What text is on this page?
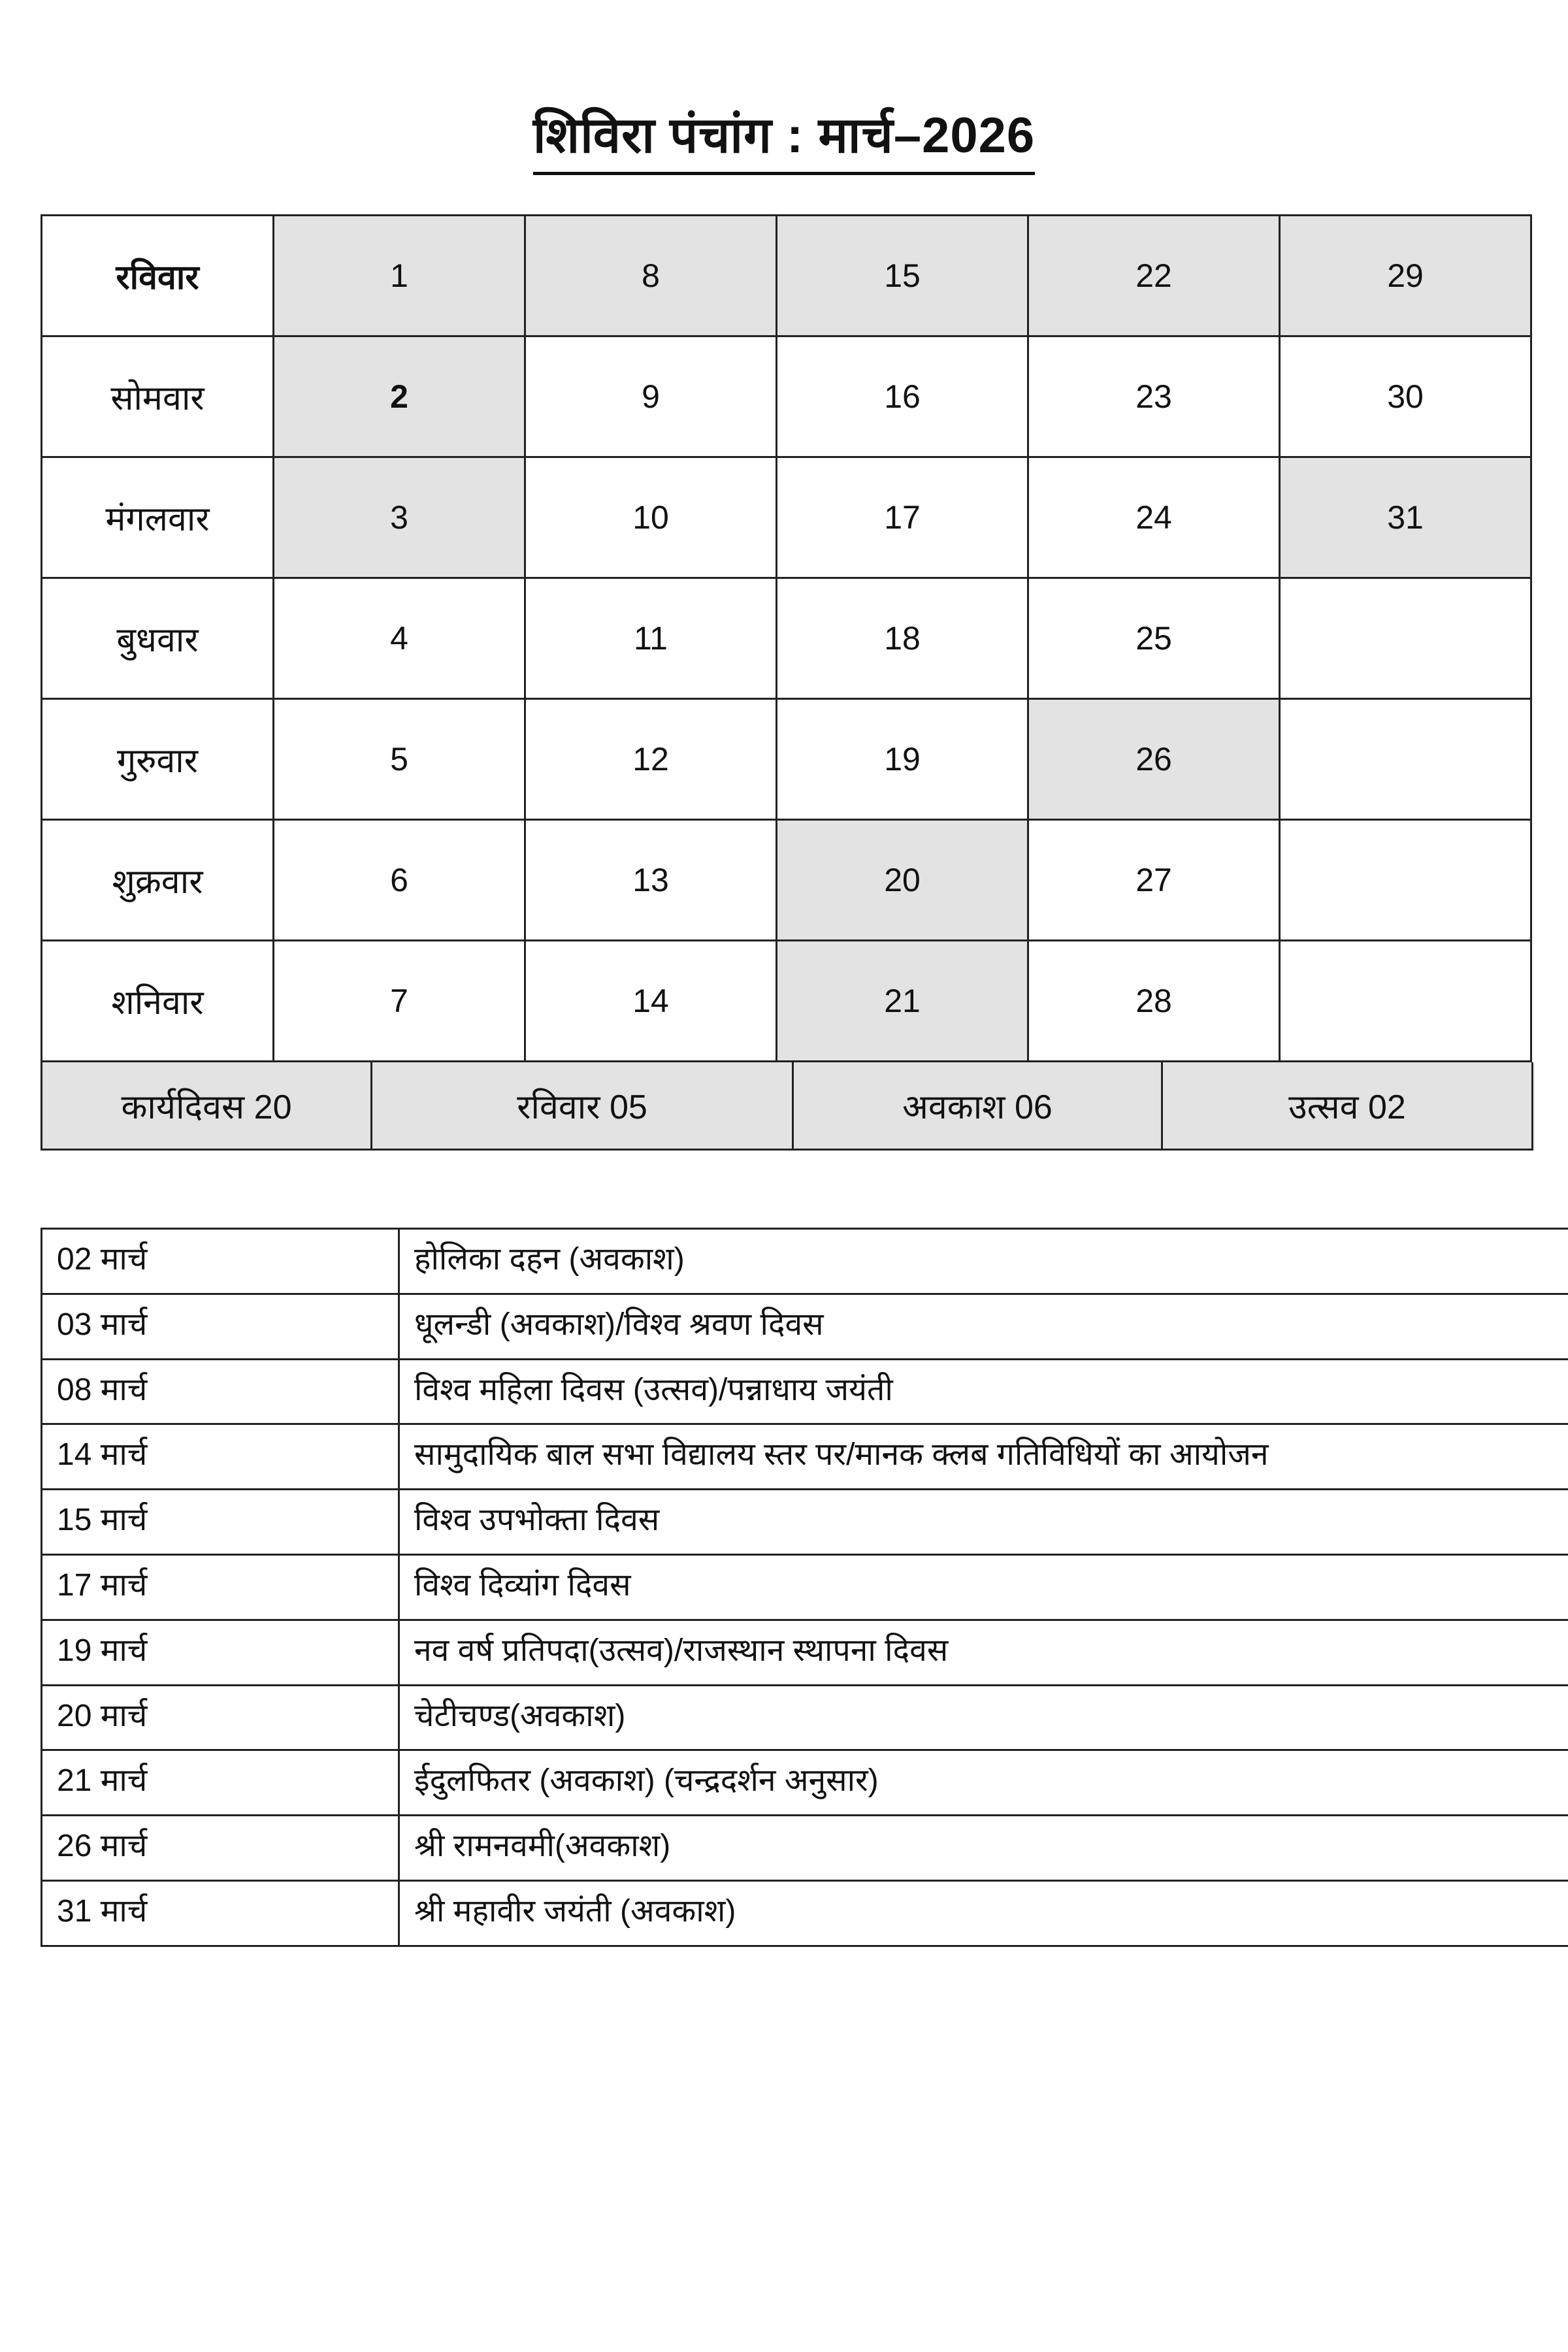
शिविरा पंचांग : मार्च–2026
रविवार	1	8	15	22	29
सोमवार	2	9	16	23	30
मंगलवार	3	10	17	24	31
बुधवार	4	11	18	25	
गुरुवार	5	12	19	26	
शुक्रवार	6	13	20	27	
शनिवार	7	14	21	28	
कार्यदिवस 20	रविवार 05	अवकाश 06	उत्सव 02
02 मार्च	होलिका दहन (अवकाश)
03 मार्च	धूलन्डी (अवकाश)/विश्व श्रवण दिवस
08 मार्च	विश्व महिला दिवस (उत्सव)/पन्नाधाय जयंती
14 मार्च	सामुदायिक बाल सभा विद्यालय स्तर पर/मानक क्लब गतिविधियों का आयोजन
15 मार्च	विश्व उपभोक्ता दिवस
17 मार्च	विश्व दिव्यांग दिवस
19 मार्च	नव वर्ष प्रतिपदा(उत्सव)/राजस्थान स्थापना दिवस
20 मार्च	चेटीचण्ड(अवकाश)
21 मार्च	ईदुलफितर (अवकाश) (चन्द्रदर्शन अनुसार)
26 मार्च	श्री रामनवमी(अवकाश)
31 मार्च	श्री महावीर जयंती (अवकाश)
